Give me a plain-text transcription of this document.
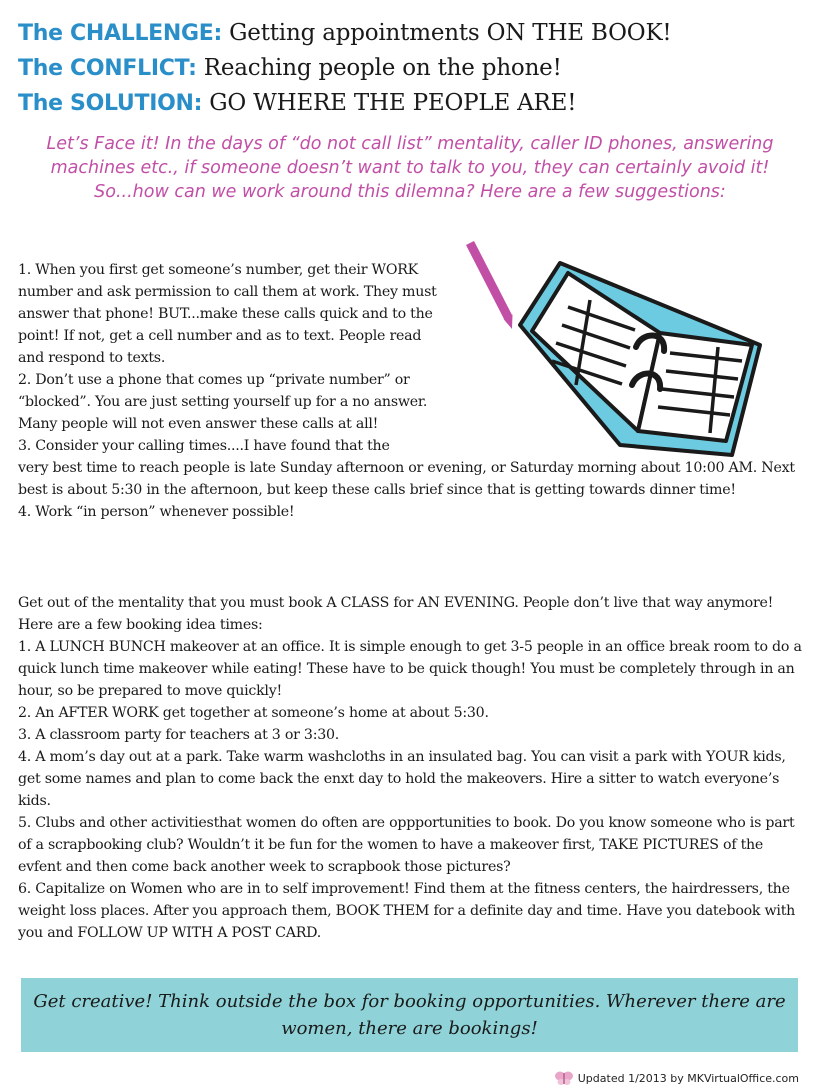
The CHALLENGE: Getting appointments ON THE BOOK!
The CONFLICT: Reaching people on the phone!
The SOLUTION: GO WHERE THE PEOPLE ARE!
Let’s Face it! In the days of “do not call list” mentality, caller ID phones, answering machines etc., if someone doesn’t want to talk to you, they can certainly avoid it! So...how can we work around this dilemna? Here are a few suggestions:

1. When you first get someone’s number, get their WORK number and ask permission to call them at work. They must answer that phone! BUT...make these calls quick and to the point! If not, get a cell number and as to text. People read and respond to texts.

2. Don’t use a phone that comes up “private number” or “blocked”. You are just setting yourself up for a no answer. Many people will not even answer these calls at all!

3. Consider your calling times....I have found that the

very best time to reach people is late Sunday afternoon or evening, or Saturday morning about 10:00 AM. Next best is about 5:30 in the afternoon, but keep these calls brief since that is getting towards dinner time!

4. Work “in person” whenever possible!

Get out of the mentality that you must book A CLASS for AN EVENING. People don’t live that way anymore! Here are a few booking idea times:

1. A LUNCH BUNCH makeover at an office. It is simple enough to get 3-5 people in an office break room to do a quick lunch time makeover while eating! These have to be quick though! You must be completely through in an hour, so be prepared to move quickly!

2. An AFTER WORK get together at someone’s home at about 5:30.

3. A classroom party for teachers at 3 or 3:30.

4. A mom’s day out at a park. Take warm washcloths in an insulated bag. You can visit a park with YOUR kids, get some names and plan to come back the enxt day to hold the makeovers. Hire a sitter to watch everyone’s kids.

5. Clubs and other activitiesthat women do often are oppportunities to book. Do you know someone who is part of a scrapbooking club? Wouldn’t it be fun for the women to have a makeover first, TAKE PICTURES of the evfent and then come back another week to scrapbook those pictures?

6. Capitalize on Women who are in to self improvement! Find them at the fitness centers, the hairdressers, the weight loss places. After you approach them, BOOK THEM for a definite day and time. Have you datebook with you and FOLLOW UP WITH A POST CARD.

Get creative! Think outside the box for booking opportunities. Wherever there are women, there are bookings!
Updated 1/2013 by MKVirtualOffice.com
